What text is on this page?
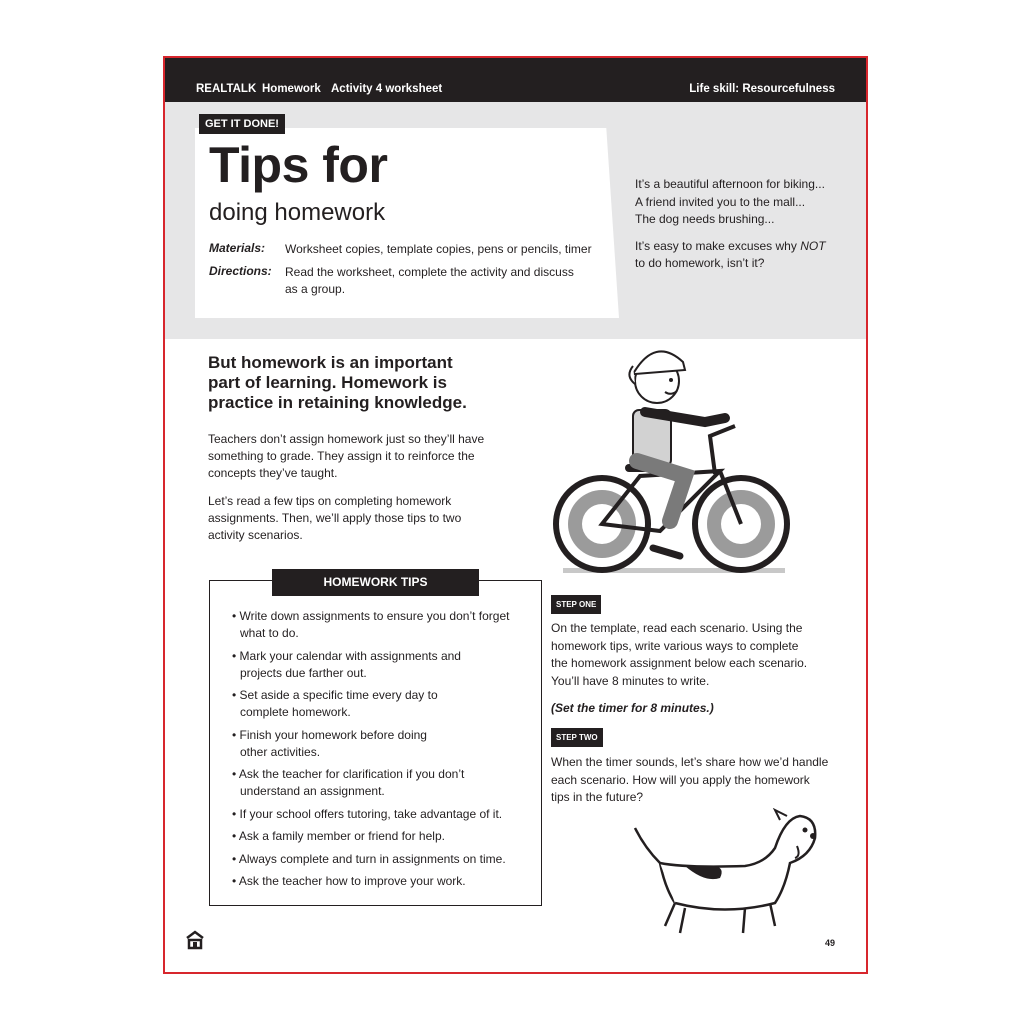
REALTALK Homework Activity 4 worksheet	Life skill: Resourcefulness
GET IT DONE!
Tips for
doing homework
Materials: Worksheet copies, template copies, pens or pencils, timer
Directions: Read the worksheet, complete the activity and discuss
as a group.
It’s a beautiful afternoon for biking...
A friend invited you to the mall...
The dog needs brushing...
It’s easy to make excuses why NOT
to do homework, isn’t it?
But homework is an important
part of learning. Homework is
practice in retaining knowledge.
Teachers don’t assign homework just so they’ll have
something to grade. They assign it to reinforce the
concepts they’ve taught.
Let’s read a few tips on completing homework
assignments. Then, we’ll apply those tips to two
activity scenarios.
HOMEWORK TIPS
• Write down assignments to ensure you don’t forget
what to do.
• Mark your calendar with assignments and
projects due farther out.
• Set aside a specific time every day to
complete homework.
• Finish your homework before doing
other activities.
• Ask the teacher for clarification if you don’t
understand an assignment.
• If your school offers tutoring, take advantage of it.
• Ask a family member or friend for help.
• Always complete and turn in assignments on time.
• Ask the teacher how to improve your work.
STEP ONE
On the template, read each scenario. Using the
homework tips, write various ways to complete
the homework assignment below each scenario.
You’ll have 8 minutes to write.
(Set the timer for 8 minutes.)
STEP TWO
When the timer sounds, let’s share how we’d handle
each scenario. How will you apply the homework
tips in the future?
49
